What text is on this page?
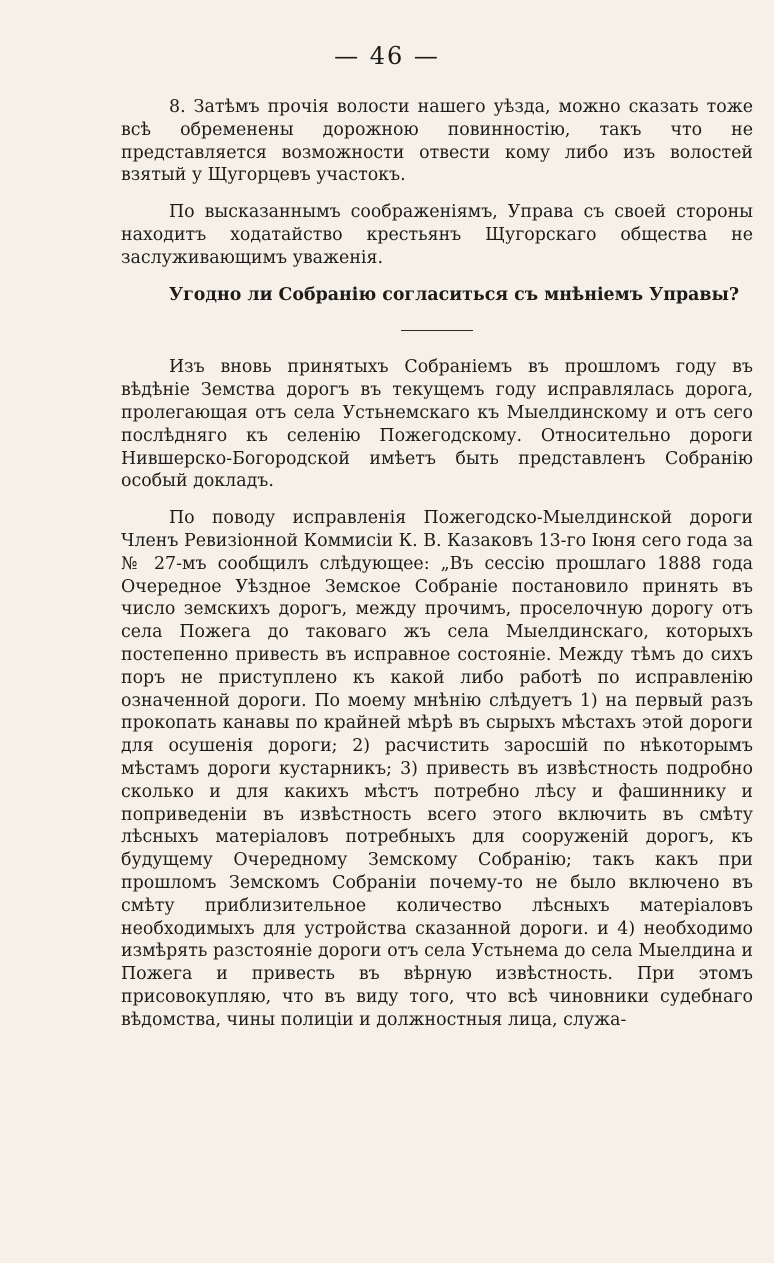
— 46 —

8. Затѣмъ прочія волости нашего уѣзда, можно сказать тоже всѣ обременены дорожною повинностію, такъ что не представляется возможности отвести кому либо изъ волостей взятый у Щугорцевъ участокъ.

По высказаннымъ соображеніямъ, Управа съ своей стороны находитъ ходатайство крестьянъ Щугорскаго общества не заслуживающимъ уваженія.

Угодно ли Собранію согласиться съ мнѣніемъ Управы?

Изъ вновь принятыхъ Собраніемъ въ прошломъ году въ вѣдѣніе Земства дорогъ въ текущемъ году исправлялась дорога, пролегающая отъ села Устьнемскаго къ Мыелдинскому и отъ сего послѣдняго къ селенію Пожегодскому. Относительно дороги Нившерско-Богородской имѣетъ быть представленъ Собранію особый докладъ.

По поводу исправленія Пожегодско-Мыелдинской дороги Членъ Ревизіонной Коммисіи К. В. Казаковъ 13-го Іюня сего года за № 27-мъ сообщилъ слѣдующее: „Въ сессію прошлаго 1888 года Очередное Уѣздное Земское Собраніе постановило принять въ число земскихъ дорогъ, между прочимъ, проселочную дорогу отъ села Пожега до таковаго жъ села Мыелдинскаго, которыхъ постепенно привесть въ исправное состояніе. Между тѣмъ до сихъ поръ не приступлено къ какой либо работѣ по исправленію означенной дороги. По моему мнѣнію слѣдуетъ 1) на первый разъ прокопать канавы по крайней мѣрѣ въ сырыхъ мѣстахъ этой дороги для осушенія дороги; 2) расчистить заросшій по нѣкоторымъ мѣстамъ дороги кустарникъ; 3) привесть въ извѣстность подробно сколько и для какихъ мѣстъ потребно лѣсу и фашиннику и поприведеніи въ извѣстность всего этого включить въ смѣту лѣсныхъ матеріаловъ потребныхъ для сооруженій дорогъ, къ будущему Очередному Земскому Собранію; такъ какъ при прошломъ Земскомъ Собраніи почему-то не было включено въ смѣту приблизительное количество лѣсныхъ матеріаловъ необходимыхъ для устройства сказанной дороги. и 4) необходимо измѣрять разстояніе дороги отъ села Устьнема до села Мыелдина и Пожега и привесть въ вѣрную извѣстность. При этомъ присовокупляю, что въ виду того, что всѣ чиновники судебнаго вѣдомства, чины полиціи и должностныя лица, служа-
